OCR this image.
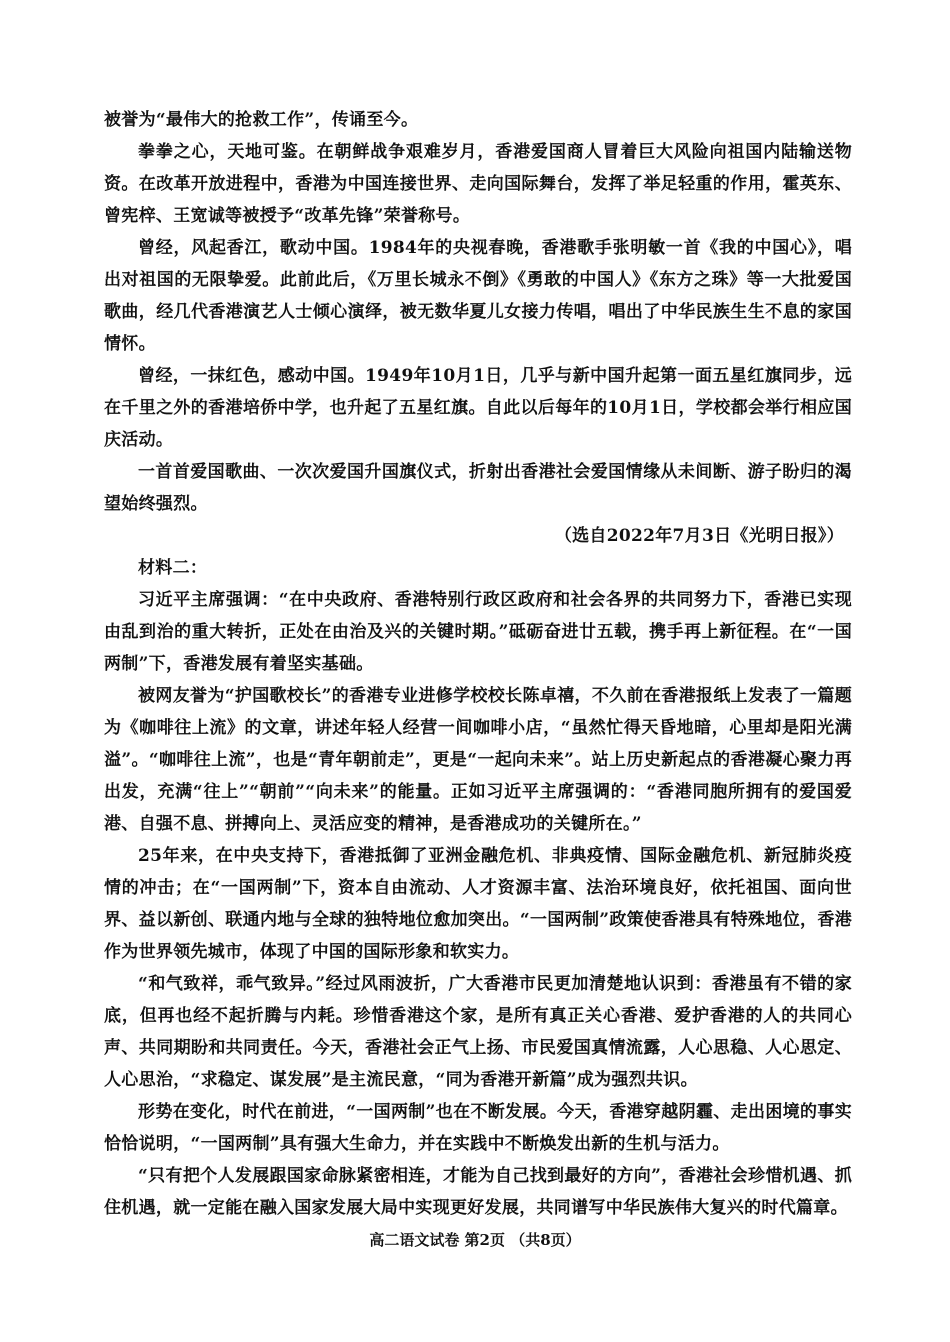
被誉为“最伟大的抢救工作”，传诵至今。

拳拳之心，天地可鉴。在朝鲜战争艰难岁月，香港爱国商人冒着巨大风险向祖国内陆输送物资。在改革开放进程中，香港为中国连接世界、走向国际舞台，发挥了举足轻重的作用，霍英东、曾宪梓、王宽诚等被授予“改革先锋”荣誉称号。

曾经，风起香江，歌动中国。1984年的央视春晚，香港歌手张明敏一首《我的中国心》，唱出对祖国的无限挚爱。此前此后，《万里长城永不倒》《勇敢的中国人》《东方之珠》等一大批爱国歌曲，经几代香港演艺人士倾心演绎，被无数华夏儿女接力传唱，唱出了中华民族生生不息的家国情怀。

曾经，一抹红色，感动中国。1949年10月1日，几乎与新中国升起第一面五星红旗同步，远在千里之外的香港培侨中学，也升起了五星红旗。自此以后每年的10月1日，学校都会举行相应国庆活动。

一首首爱国歌曲、一次次爱国升国旗仪式，折射出香港社会爱国情缘从未间断、游子盼归的渴望始终强烈。

（选自2022年7月3日《光明日报》）

材料二：

习近平主席强调：“在中央政府、香港特别行政区政府和社会各界的共同努力下，香港已实现由乱到治的重大转折，正处在由治及兴的关键时期。”砥砺奋进廿五载，携手再上新征程。在“一国两制”下，香港发展有着坚实基础。

被网友誉为“护国歌校长”的香港专业进修学校校长陈卓禧，不久前在香港报纸上发表了一篇题为《咖啡往上流》的文章，讲述年轻人经营一间咖啡小店，“虽然忙得天昏地暗，心里却是阳光满溢”。“咖啡往上流”，也是“青年朝前走”，更是“一起向未来”。站上历史新起点的香港凝心聚力再出发，充满“往上”“朝前”“向未来”的能量。正如习近平主席强调的：“香港同胞所拥有的爱国爱港、自强不息、拼搏向上、灵活应变的精神，是香港成功的关键所在。”

25年来，在中央支持下，香港抵御了亚洲金融危机、非典疫情、国际金融危机、新冠肺炎疫情的冲击；在“一国两制”下，资本自由流动、人才资源丰富、法治环境良好，依托祖国、面向世界、益以新创、联通内地与全球的独特地位愈加突出。“一国两制”政策使香港具有特殊地位，香港作为世界领先城市，体现了中国的国际形象和软实力。

“和气致祥，乖气致异。”经过风雨波折，广大香港市民更加清楚地认识到：香港虽有不错的家底，但再也经不起折腾与内耗。珍惜香港这个家，是所有真正关心香港、爱护香港的人的共同心声、共同期盼和共同责任。今天，香港社会正气上扬、市民爱国真情流露，人心思稳、人心思定、人心思治，“求稳定、谋发展”是主流民意，“同为香港开新篇”成为强烈共识。

形势在变化，时代在前进，“一国两制”也在不断发展。今天，香港穿越阴霾、走出困境的事实恰恰说明，“一国两制”具有强大生命力，并在实践中不断焕发出新的生机与活力。

“只有把个人发展跟国家命脉紧密相连，才能为自己找到最好的方向”，香港社会珍惜机遇、抓住机遇，就一定能在融入国家发展大局中实现更好发展，共同谱写中华民族伟大复兴的时代篇章。

高二语文试卷 第2页 （共8页）
